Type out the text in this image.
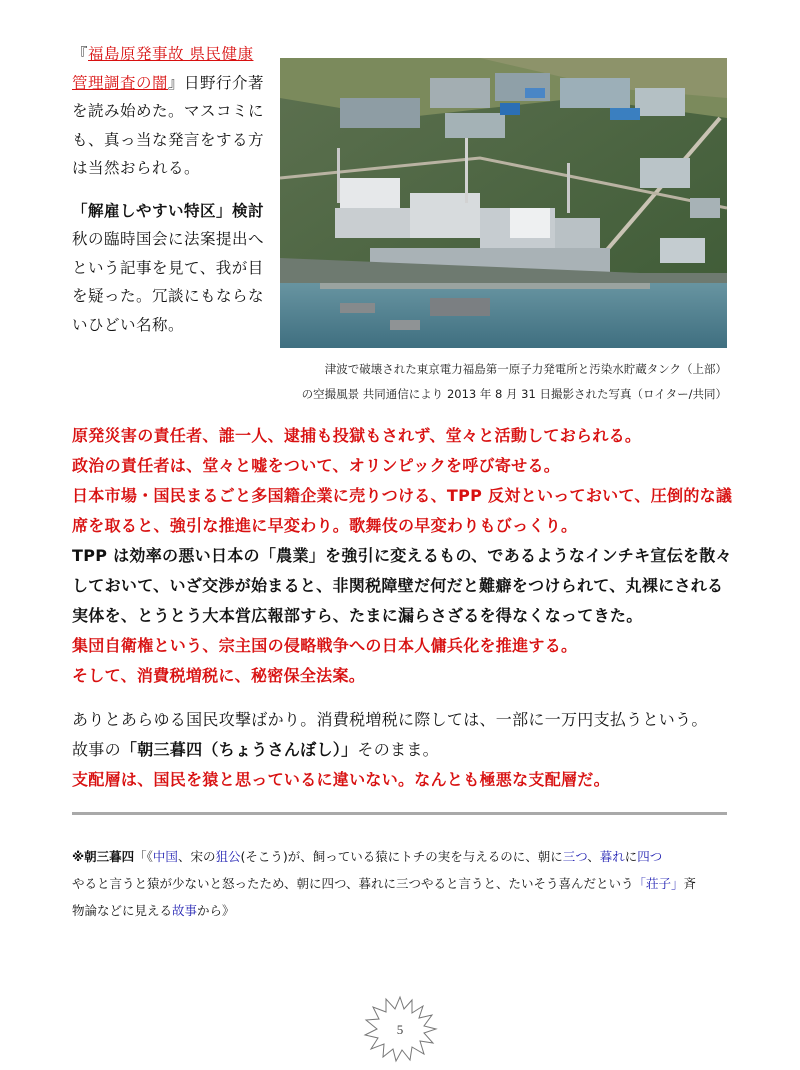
『福島原発事故 県民健康

管理調査の闇』日野行介著

を読み始めた。マスコミに

も、真っ当な発言をする方

は当然おられる。

「解雇しやすい特区」検討

秋の臨時国会に法案提出へ

という記事を見て、我が目

を疑った。冗談にもならな

いひどい名称。

津波で破壊された東京電力福島第一原子力発電所と汚染水貯蔵タンク（上部）
の空撮風景 共同通信により 2013 年 8 月 31 日撮影された写真（ロイター/共同）
原発災害の責任者、誰一人、逮捕も投獄もされず、堂々と活動しておられる。
政治の責任者は、堂々と嘘をついて、オリンピックを呼び寄せる。
日本市場・国民まるごと多国籍企業に売りつける、TPP 反対といっておいて、圧倒的な議
席を取ると、強引な推進に早変わり。歌舞伎の早変わりもびっくり。
TPP は効率の悪い日本の「農業」を強引に変えるもの、であるようなインチキ宣伝を散々
しておいて、いざ交渉が始まると、非関税障壁だ何だと難癖をつけられて、丸裸にされる
実体を、とうとう大本営広報部すら、たまに漏らさざるを得なくなってきた。
集団自衛権という、宗主国の侵略戦争への日本人傭兵化を推進する。
そして、消費税増税に、秘密保全法案。
ありとあらゆる国民攻撃ばかり。消費税増税に際しては、一部に一万円支払うという。
故事の「朝三暮四（ちょうさんぼし）」そのまま。
支配層は、国民を猿と思っているに違いない。なんとも極悪な支配層だ。
※朝三暮四「《中国、宋の狙公(そこう)が、飼っている猿にトチの実を与えるのに、朝に三つ、暮れに四つ
やると言うと猿が少ないと怒ったため、朝に四つ、暮れに三つやると言うと、たいそう喜んだという「荘子」斉
物論などに見える故事から》
5
